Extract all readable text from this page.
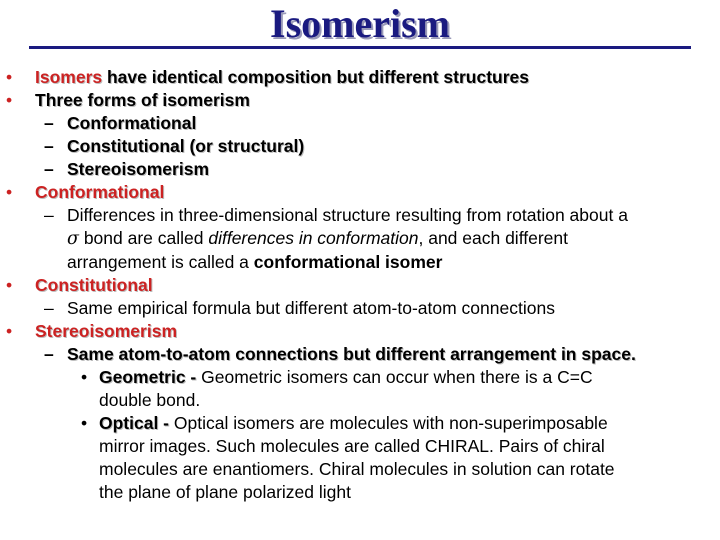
Isomerism
• Isomers have identical composition but different structures
• Three forms of isomerism
– Conformational
– Constitutional (or structural)
– Stereoisomerism
• Conformational
– Differences in three-dimensional structure resulting from rotation about a
σ bond are called differences in conformation, and each different
arrangement is called a conformational isomer
• Constitutional
– Same empirical formula but different atom-to-atom connections
• Stereoisomerism
– Same atom-to-atom connections but different arrangement in space.
• Geometric - Geometric isomers can occur when there is a C=C
double bond.
• Optical - Optical isomers are molecules with non-superimposable
mirror images. Such molecules are called CHIRAL. Pairs of chiral
molecules are enantiomers. Chiral molecules in solution can rotate
the plane of plane polarized light
